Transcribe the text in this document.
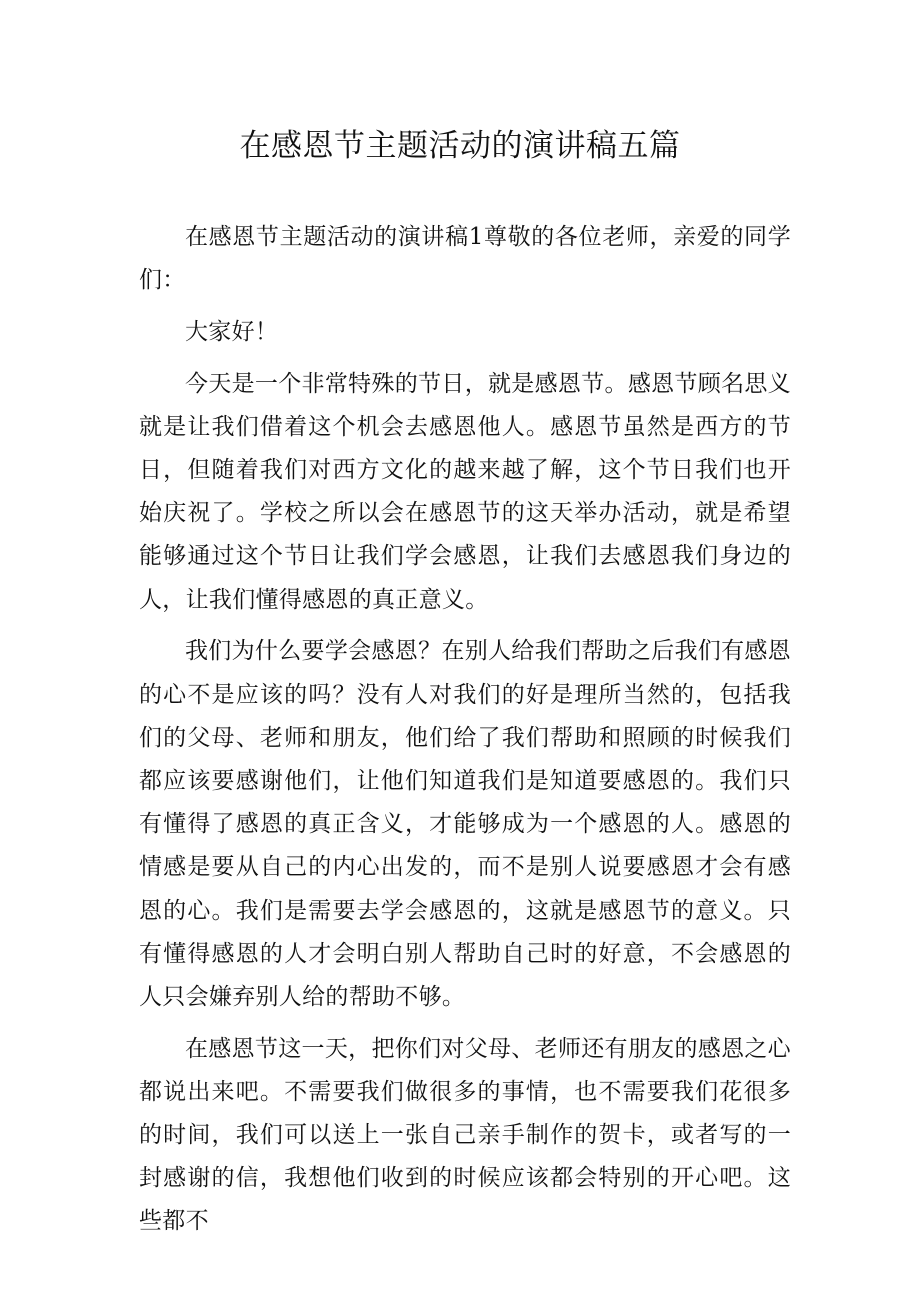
在感恩节主题活动的演讲稿五篇

在感恩节主题活动的演讲稿1尊敬的各位老师，亲爱的同学们：

大家好！

今天是一个非常特殊的节日，就是感恩节。感恩节顾名思义就是让我们借着这个机会去感恩他人。感恩节虽然是西方的节日，但随着我们对西方文化的越来越了解，这个节日我们也开始庆祝了。学校之所以会在感恩节的这天举办活动，就是希望能够通过这个节日让我们学会感恩，让我们去感恩我们身边的人，让我们懂得感恩的真正意义。

我们为什么要学会感恩？在别人给我们帮助之后我们有感恩的心不是应该的吗？没有人对我们的好是理所当然的，包括我们的父母、老师和朋友，他们给了我们帮助和照顾的时候我们都应该要感谢他们，让他们知道我们是知道要感恩的。我们只有懂得了感恩的真正含义，才能够成为一个感恩的人。感恩的情感是要从自己的内心出发的，而不是别人说要感恩才会有感恩的心。我们是需要去学会感恩的，这就是感恩节的意义。只有懂得感恩的人才会明白别人帮助自己时的好意，不会感恩的人只会嫌弃别人给的帮助不够。

在感恩节这一天，把你们对父母、老师还有朋友的感恩之心都说出来吧。不需要我们做很多的事情，也不需要我们花很多的时间，我们可以送上一张自己亲手制作的贺卡，或者写的一封感谢的信，我想他们收到的时候应该都会特别的开心吧。这些都不
